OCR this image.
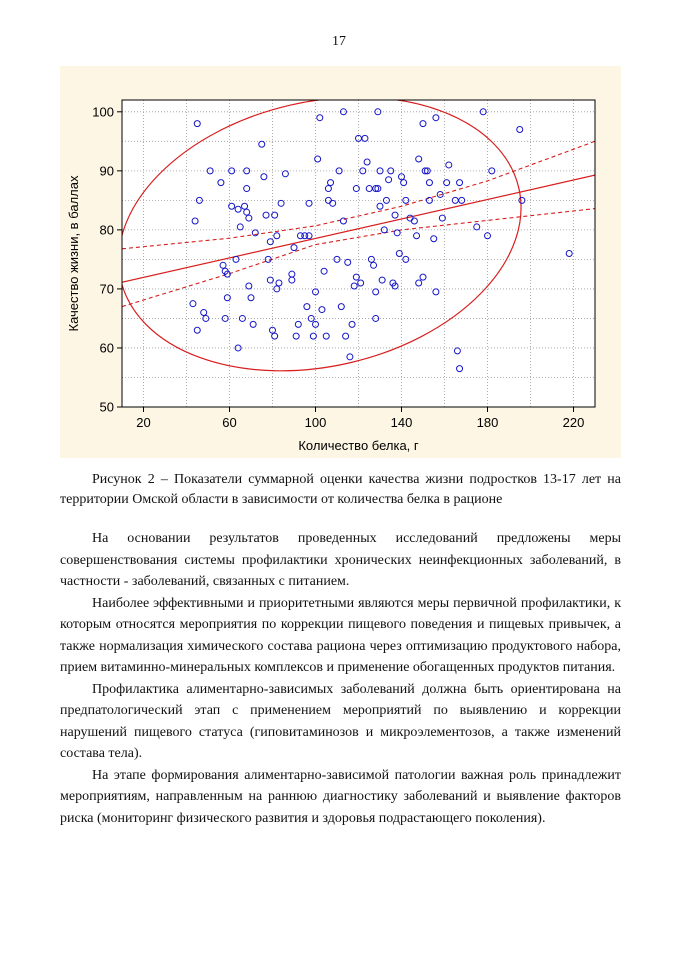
17
50
60
70
80
90
100
20	60	100	140	180	220
Количество белка, г
Качество жизни, в баллах
Рисунок 2 – Показатели суммарной оценки качества жизни подростков 13-17 лет на территории Омской области в зависимости от количества белка в рационе

На основании результатов проведенных исследований предложены меры совершенствования системы профилактики хронических неинфекционных заболеваний, в частности - заболеваний, связанных с питанием.

Наиболее эффективными и приоритетными являются меры первичной профилактики, к которым относятся мероприятия по коррекции пищевого поведения и пищевых привычек, а также нормализация химического состава рациона через оптимизацию продуктового набора, прием витаминно-минеральных комплексов и применение обогащенных продуктов питания.

Профилактика алиментарно-зависимых заболеваний должна быть ориентирована на предпатологический этап с применением мероприятий по выявлению и коррекции нарушений пищевого статуса (гиповитаминозов и микроэлементозов, а также изменений состава тела).

На этапе формирования алиментарно-зависимой патологии важная роль принадлежит мероприятиям, направленным на раннюю диагностику заболеваний и выявление факторов риска (мониторинг физического развития и здоровья подрастающего поколения).
